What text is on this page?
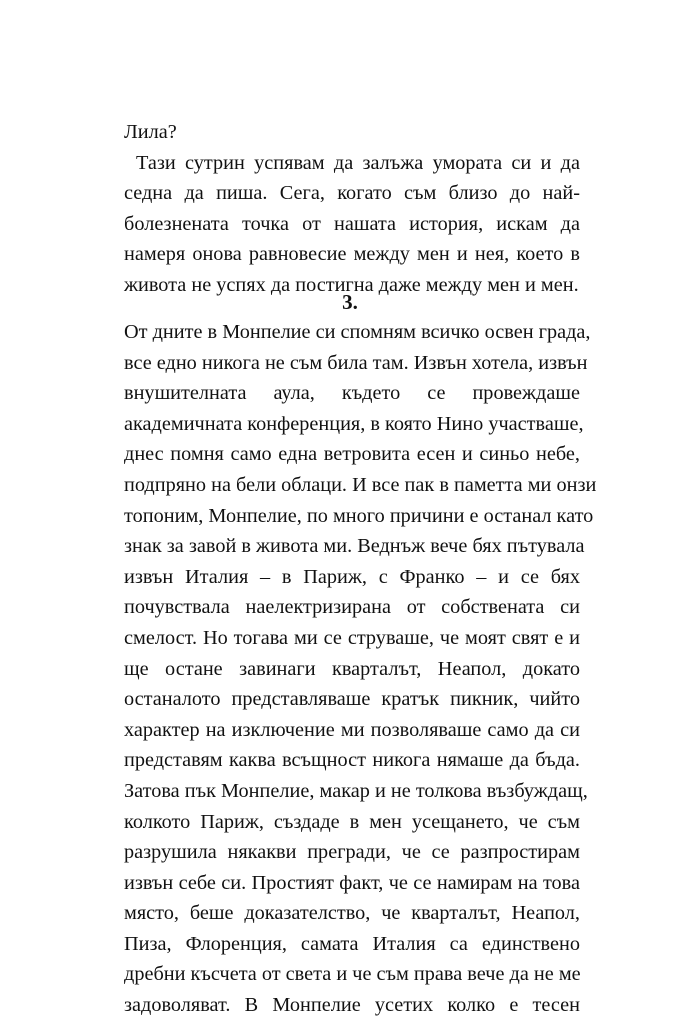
Лила?
Тази сутрин успявам да залъжа умората си и да
седна да пиша. Сега, когато съм близо до най-
болезнената точка от нашата история, искам да
намеря онова равновесие между мен и нея, което в
живота не успях да постигна даже между мен и мен.
3.
От дните в Монпелие си спомням всичко освен града,
все едно никога не съм била там. Извън хотела, извън
внушителната аула, където се провеждаше
академичната конференция, в която Нино участваше,
днес помня само една ветровита есен и синьо небе,
подпряно на бели облаци. И все пак в паметта ми онзи
топоним, Монпелие, по много причини е останал като
знак за завой в живота ми. Веднъж вече бях пътувала
извън Италия – в Париж, с Франко – и се бях
почувствала наелектризирана от собствената си
смелост. Но тогава ми се струваше, че моят свят е и
ще остане завинаги кварталът, Неапол, докато
останалото представляваше кратък пикник, чийто
характер на изключение ми позволяваше само да си
представям каква всъщност никога нямаше да бъда.
Затова пък Монпелие, макар и не толкова възбуждащ,
колкото Париж, създаде в мен усещането, че съм
разрушила някакви прегради, че се разпростирам
извън себе си. Простият факт, че се намирам на това
място, беше доказателство, че кварталът, Неапол,
Пиза, Флоренция, самата Италия са единствено
дребни късчета от света и че съм права вече да не ме
задоволяват. В Монпелие усетих колко е тесен
